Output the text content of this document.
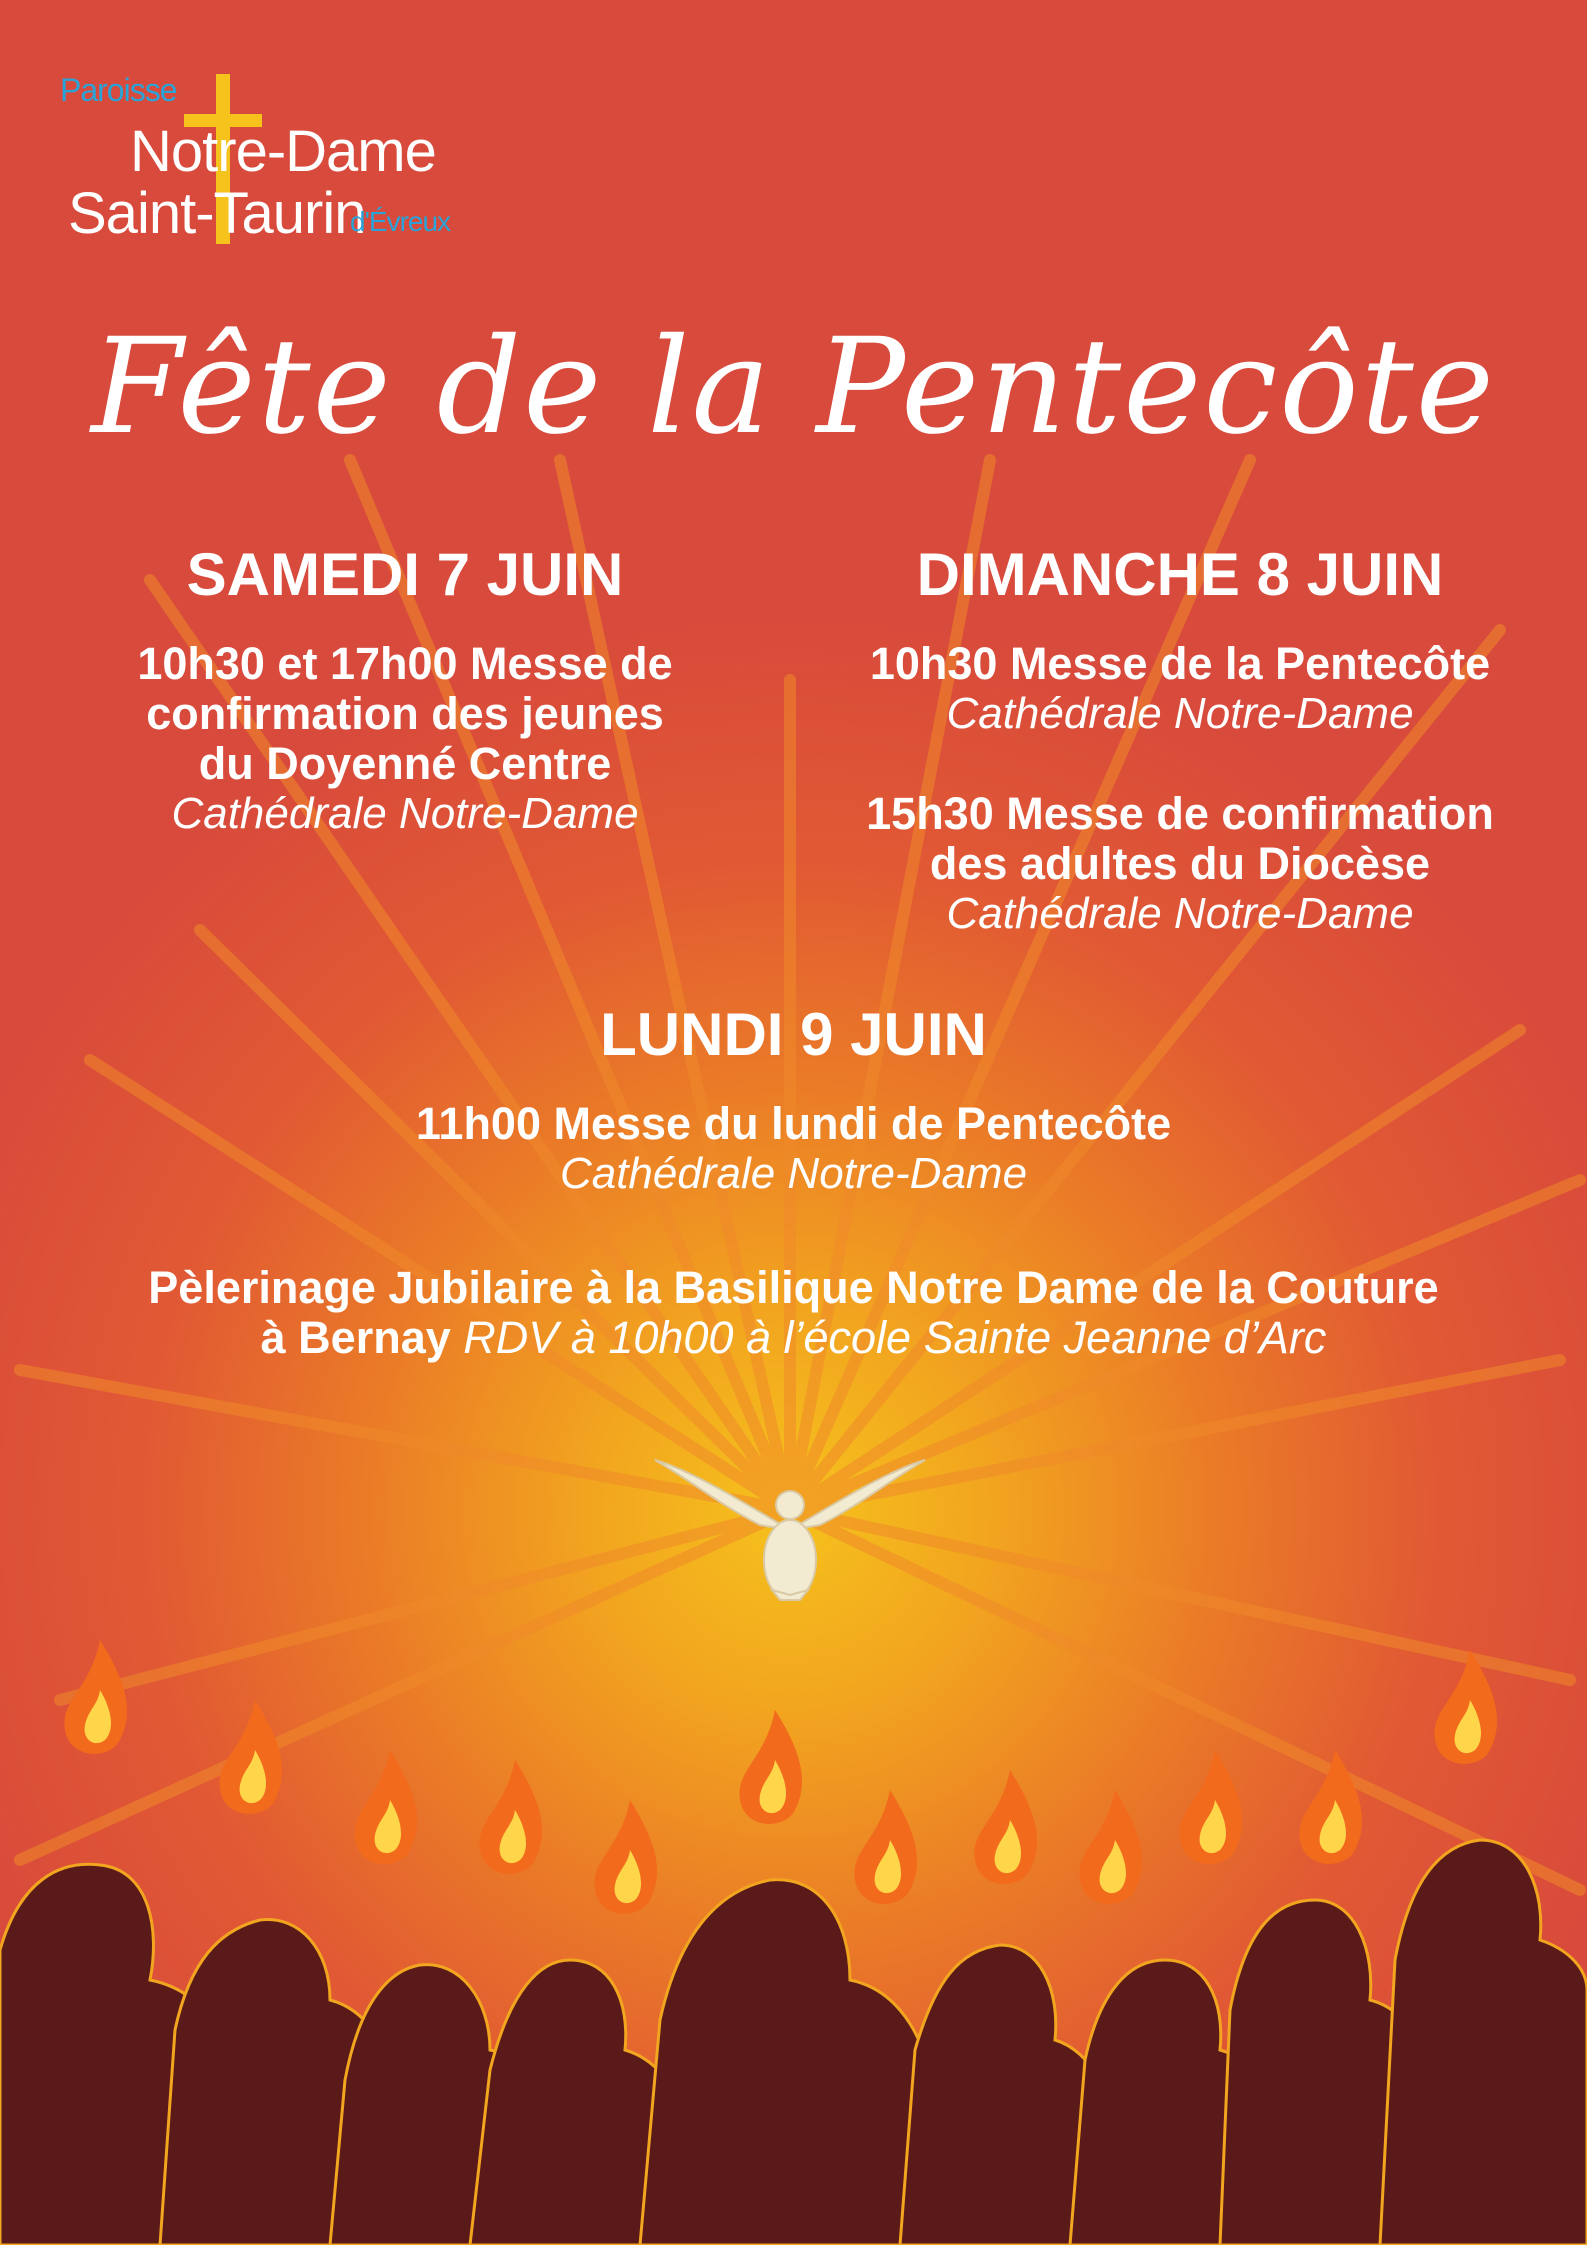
Paroisse
Notre-Dame
Saint-Taurin
d'Évreux
Fête de la Pentecôte

SAMEDI 7 JUIN

10h30 et 17h00 Messe de

confirmation des jeunes

du Doyenné Centre

Cathédrale Notre-Dame

DIMANCHE 8 JUIN

10h30 Messe de la Pentecôte

Cathédrale Notre-Dame

15h30 Messe de confirmation

des adultes du Diocèse

Cathédrale Notre-Dame

LUNDI 9 JUIN

11h00 Messe du lundi de Pentecôte

Cathédrale Notre-Dame

Pèlerinage Jubilaire à la Basilique Notre Dame de la Couture
à Bernay RDV à 10h00 à l’école Sainte Jeanne d’Arc
